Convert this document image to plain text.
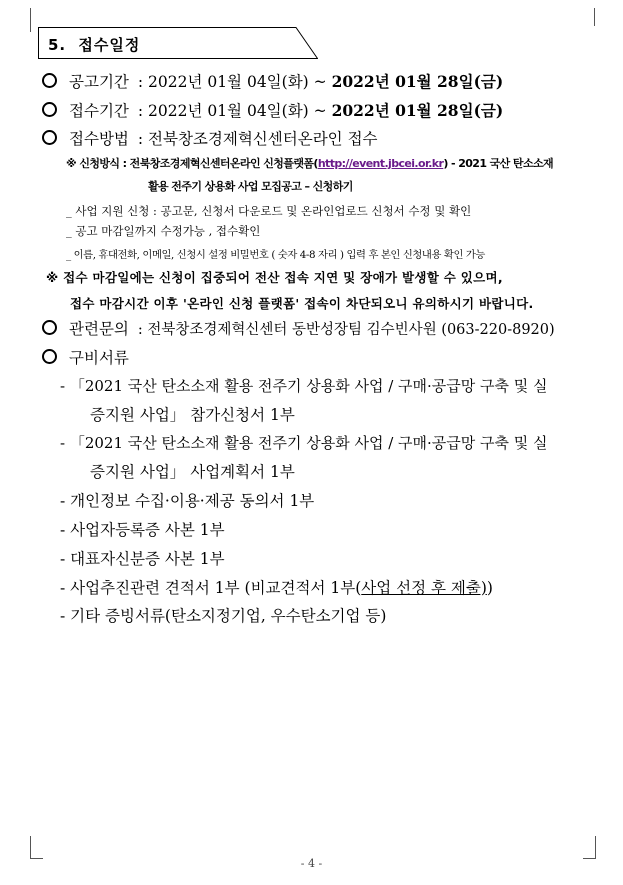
5. 접수일정
공고기간 : 2022년 01월 04일(화) ~ 2022년 01월 28일(금)
접수기간 : 2022년 01월 04일(화) ~ 2022년 01월 28일(금)
접수방법 : 전북창조경제혁신센터온라인 접수
※ 신청방식 : 전북창조경제혁신센터온라인 신청플랫폼(http://event.jbcei.or.kr) - 2021 국산 탄소소재
활용 전주기 상용화 사업 모집공고 – 신청하기
_ 사업 지원 신청 : 공고문, 신청서 다운로드 및 온라인업로드 신청서 수정 및 확인
_ 공고 마감일까지 수정가능 , 접수확인
_ 이름, 휴대전화, 이메일, 신청시 설정 비밀번호 ( 숫자 4-8 자리 ) 입력 후 본인 신청내용 확인 가능
※ 접수 마감일에는 신청이 집중되어 전산 접속 지연 및 장애가 발생할 수 있으며,
접수 마감시간 이후 '온라인 신청 플랫폼' 접속이 차단되오니 유의하시기 바랍니다.
관련문의 : 전북창조경제혁신센터 동반성장팀 김수빈사원 (063-220-8920)
구비서류
- 「2021 국산 탄소소재 활용 전주기 상용화 사업 / 구매·공급망 구축 및 실
증지원 사업」 참가신청서 1부
- 「2021 국산 탄소소재 활용 전주기 상용화 사업 / 구매·공급망 구축 및 실
증지원 사업」 사업계획서 1부
- 개인정보 수집·이용·제공 동의서 1부
- 사업자등록증 사본 1부
- 대표자신분증 사본 1부
- 사업추진관련 견적서 1부 (비교견적서 1부(사업 선정 후 제출))
- 기타 증빙서류(탄소지정기업, 우수탄소기업 등)
- 4 -
